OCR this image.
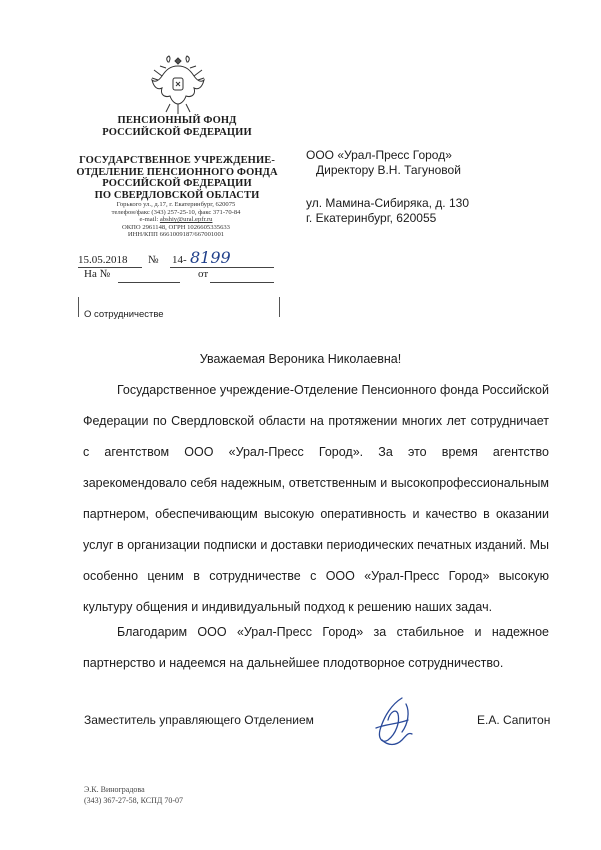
ПЕНСИОННЫЙ ФОНД
РОССИЙСКОЙ ФЕДЕРАЦИИ
ГОСУДАРСТВЕННОЕ УЧРЕЖДЕНИЕ-
ОТДЕЛЕНИЕ ПЕНСИОННОГО ФОНДА
РОССИЙСКОЙ ФЕДЕРАЦИИ
ПО СВЕРДЛОВСКОЙ ОБЛАСТИ
Горького ул., д.17, г. Екатеринбург, 620075
телефон/факс (343) 257-25-10, факс 371-70-84
e-mail: abshiy@ural.epfr.ru
ОКПО 2961148, ОГРН 1026605335633
ИНН/КПП 6661009187/667001001
15.05.2018 № 14- 8199
На №	от
О сотрудничестве
ООО «Урал-Пресс Город»
Директору В.Н. Тагуновой
ул. Мамина-Сибиряка, д. 130
г. Екатеринбург, 620055
Уважаемая Вероника Николаевна!
Государственное учреждение-Отделение Пенсионного фонда Российской Федерации по Свердловской области на протяжении многих лет сотрудничает с агентством ООО «Урал-Пресс Город». За это время агентство зарекомендовало себя надежным, ответственным и высокопрофессиональным партнером, обеспечивающим высокую оперативность и качество в оказании услуг в организации подписки и доставки периодических печатных изданий. Мы особенно ценим в сотрудничестве с ООО «Урал-Пресс Город» высокую культуру общения и индивидуальный подход к решению наших задач.
Благодарим ООО «Урал-Пресс Город» за стабильное и надежное партнерство и надеемся на дальнейшее плодотворное сотрудничество.
Заместитель управляющего Отделением	Е.А. Сапитон
Э.К. Виноградова
(343) 367-27-58, КСПД 70-07
